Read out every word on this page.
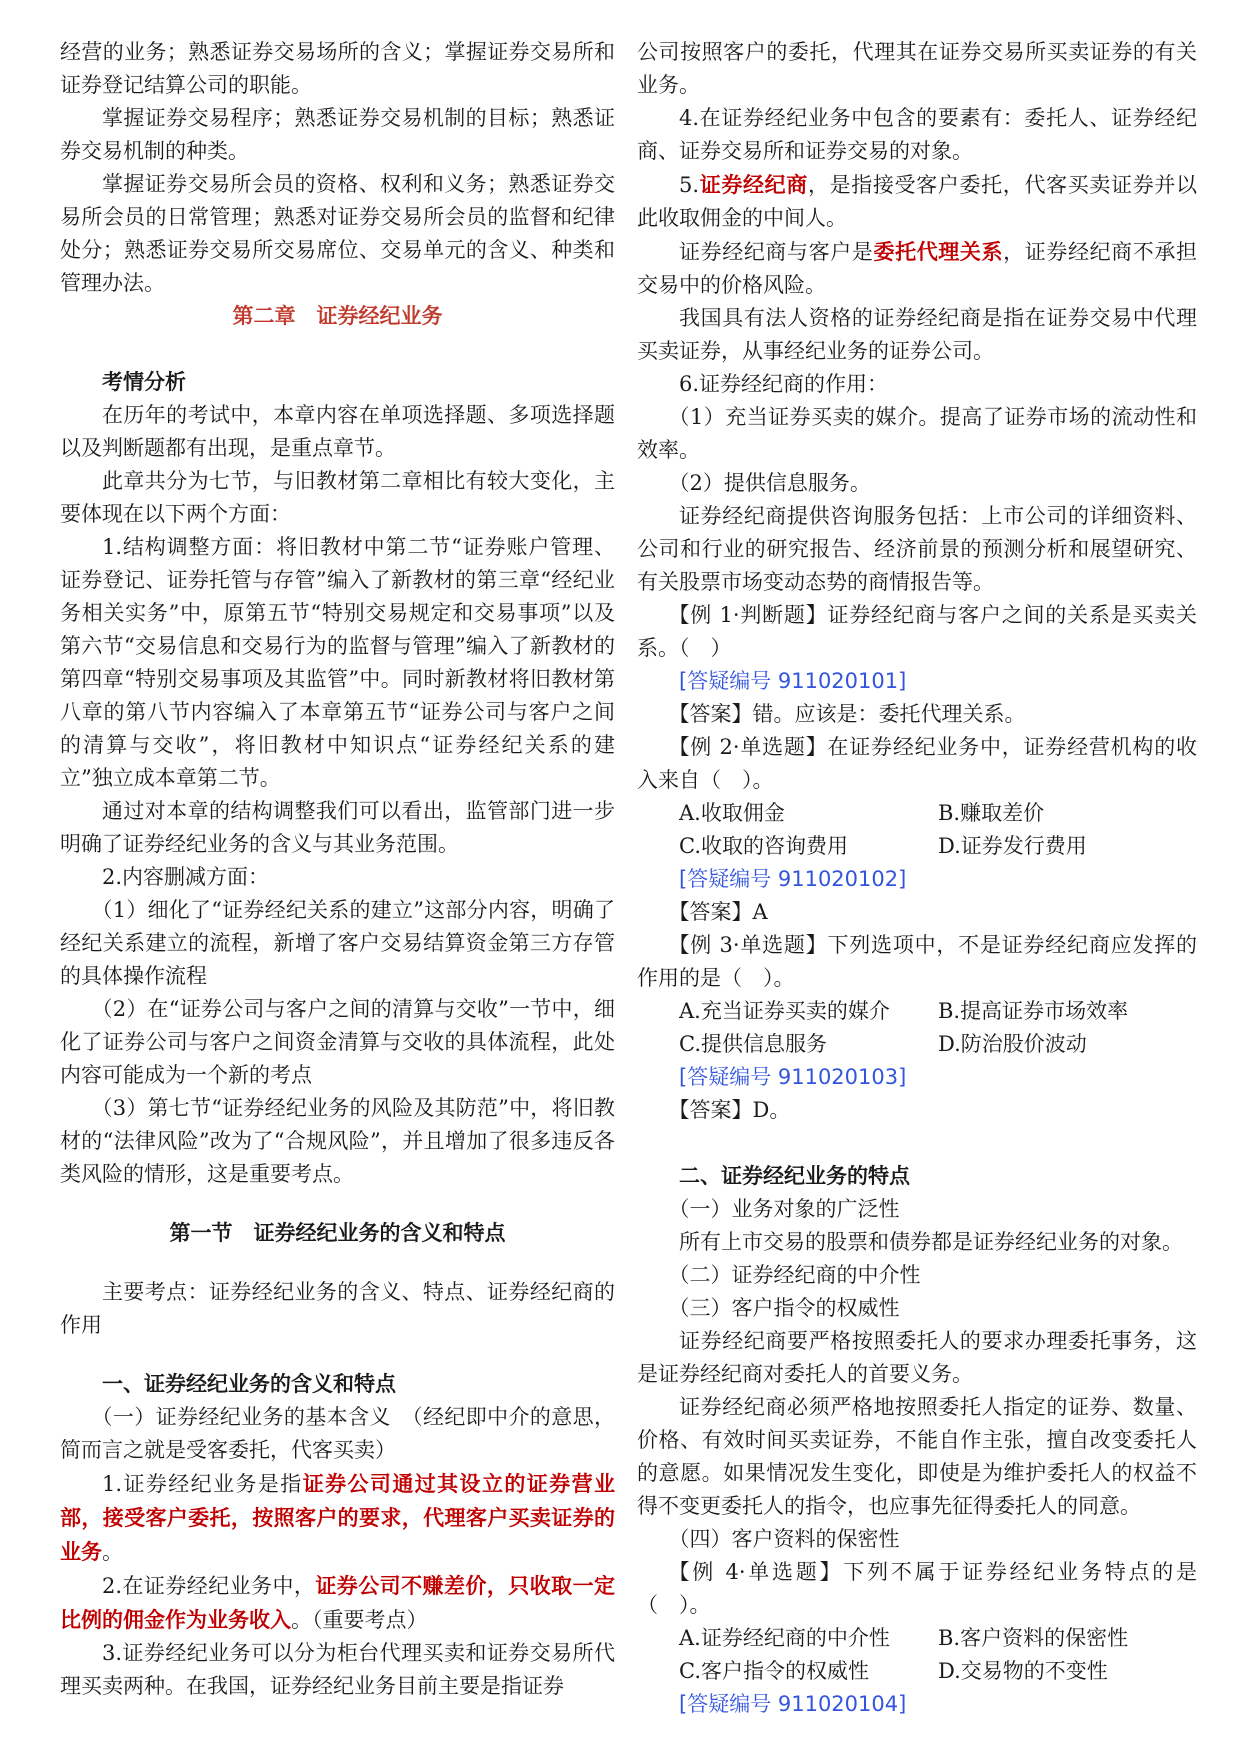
经营的业务；熟悉证券交易场所的含义；掌握证券交易所和证券登记结算公司的职能。

掌握证券交易程序；熟悉证券交易机制的目标；熟悉证券交易机制的种类。

掌握证券交易所会员的资格、权利和义务；熟悉证券交易所会员的日常管理；熟悉对证券交易所会员的监督和纪律处分；熟悉证券交易所交易席位、交易单元的含义、种类和管理办法。

第二章　证券经纪业务

考情分析

在历年的考试中，本章内容在单项选择题、多项选择题以及判断题都有出现，是重点章节。

此章共分为七节，与旧教材第二章相比有较大变化，主要体现在以下两个方面：

1.结构调整方面：将旧教材中第二节“证券账户管理、证券登记、证券托管与存管”编入了新教材的第三章“经纪业务相关实务”中，原第五节“特别交易规定和交易事项”以及第六节“交易信息和交易行为的监督与管理”编入了新教材的第四章“特别交易事项及其监管”中。同时新教材将旧教材第八章的第八节内容编入了本章第五节“证券公司与客户之间的清算与交收”，将旧教材中知识点“证券经纪关系的建立”独立成本章第二节。

通过对本章的结构调整我们可以看出，监管部门进一步明确了证券经纪业务的含义与其业务范围。

2.内容删减方面：

（1）细化了“证券经纪关系的建立”这部分内容，明确了经纪关系建立的流程，新增了客户交易结算资金第三方存管的具体操作流程

（2）在“证券公司与客户之间的清算与交收”一节中，细化了证券公司与客户之间资金清算与交收的具体流程，此处内容可能成为一个新的考点

（3）第七节“证券经纪业务的风险及其防范”中，将旧教材的“法律风险”改为了“合规风险”，并且增加了很多违反各类风险的情形，这是重要考点。

第一节　证券经纪业务的含义和特点

主要考点：证券经纪业务的含义、特点、证券经纪商的作用

一、证券经纪业务的含义和特点

（一）证券经纪业务的基本含义　（经纪即中介的意思，简而言之就是受客委托，代客买卖）

1.证券经纪业务是指证券公司通过其设立的证券营业部，接受客户委托，按照客户的要求，代理客户买卖证券的业务。

2.在证券经纪业务中，证券公司不赚差价，只收取一定比例的佣金作为业务收入。（重要考点）

3.证券经纪业务可以分为柜台代理买卖和证券交易所代理买卖两种。在我国，证券经纪业务目前主要是指证券

公司按照客户的委托，代理其在证券交易所买卖证券的有关业务。

4.在证券经纪业务中包含的要素有：委托人、证券经纪商、证券交易所和证券交易的对象。

5.证券经纪商，是指接受客户委托，代客买卖证券并以此收取佣金的中间人。

证券经纪商与客户是委托代理关系，证券经纪商不承担交易中的价格风险。

我国具有法人资格的证券经纪商是指在证券交易中代理买卖证券，从事经纪业务的证券公司。

6.证券经纪商的作用：

（1）充当证券买卖的媒介。提高了证券市场的流动性和效率。

（2）提供信息服务。

证券经纪商提供咨询服务包括：上市公司的详细资料、公司和行业的研究报告、经济前景的预测分析和展望研究、有关股票市场变动态势的商情报告等。

【例 1·判断题】证券经纪商与客户之间的关系是买卖关系。（　）

[答疑编号 911020101]

【答案】错。应该是：委托代理关系。

【例 2·单选题】在证券经纪业务中，证券经营机构的收入来自（　）。

A.收取佣金	B.赚取差价
C.收取的咨询费用	D.证券发行费用

[答疑编号 911020102]

【答案】A

【例 3·单选题】下列选项中，不是证券经纪商应发挥的作用的是（　）。

A.充当证券买卖的媒介	B.提高证券市场效率
C.提供信息服务	D.防治股价波动

[答疑编号 911020103]

【答案】D。

二、证券经纪业务的特点

（一）业务对象的广泛性

所有上市交易的股票和债券都是证券经纪业务的对象。

（二）证券经纪商的中介性

（三）客户指令的权威性

证券经纪商要严格按照委托人的要求办理委托事务，这是证券经纪商对委托人的首要义务。

证券经纪商必须严格地按照委托人指定的证券、数量、价格、有效时间买卖证券，不能自作主张，擅自改变委托人的意愿。如果情况发生变化，即使是为维护委托人的权益不得不变更委托人的指令，也应事先征得委托人的同意。

（四）客户资料的保密性

【例 4·单选题】下列不属于证券经纪业务特点的是（　）。

A.证券经纪商的中介性	B.客户资料的保密性
C.客户指令的权威性	D.交易物的不变性

[答疑编号 911020104]
